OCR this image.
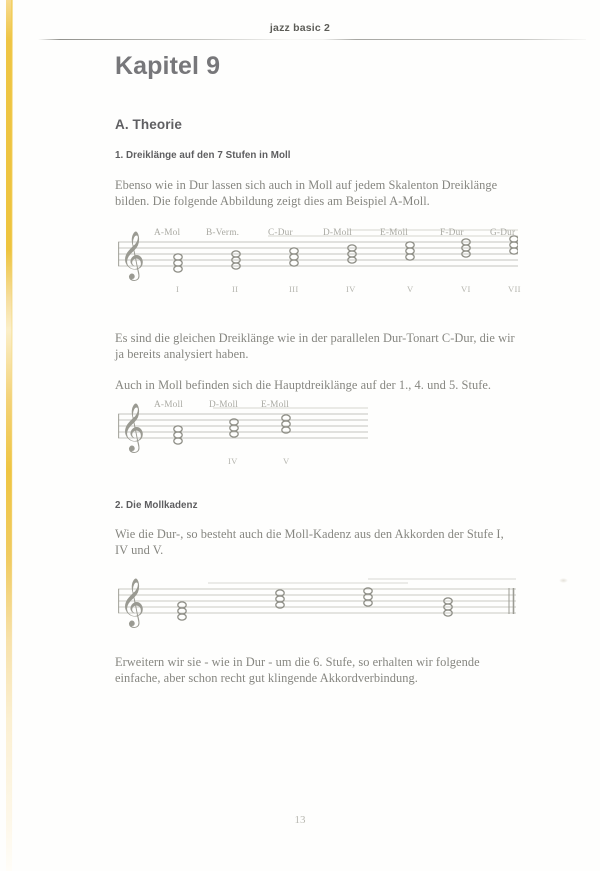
jazz basic 2
Kapitel 9
A. Theorie
1. Dreiklänge auf den 7 Stufen in Moll

Ebenso wie in Dur lassen sich auch in Moll auf jedem Skalenton Dreiklänge bilden. Die folgende Abbildung zeigt dies am Beispiel A-Moll.

A-Mol	B-Verm.	C-Dur	D-Moll	E-Moll	F-Dur	G-Dur
𝄞
I	II	III	IV	V	VI	VII

Es sind die gleichen Dreiklänge wie in der parallelen Dur-Tonart C-Dur, die wir ja bereits analysiert haben.

Auch in Moll befinden sich die Hauptdreiklänge auf der 1., 4. und 5. Stufe.

A-Moll	D-Moll E-Moll
𝄞
IV	V
2. Die Mollkadenz

Wie die Dur-, so besteht auch die Moll-Kadenz aus den Akkorden der Stufe I, IV und V.

𝄞

Erweitern wir sie - wie in Dur - um die 6. Stufe, so erhalten wir folgende einfache, aber schon recht gut klingende Akkordverbindung.

13
